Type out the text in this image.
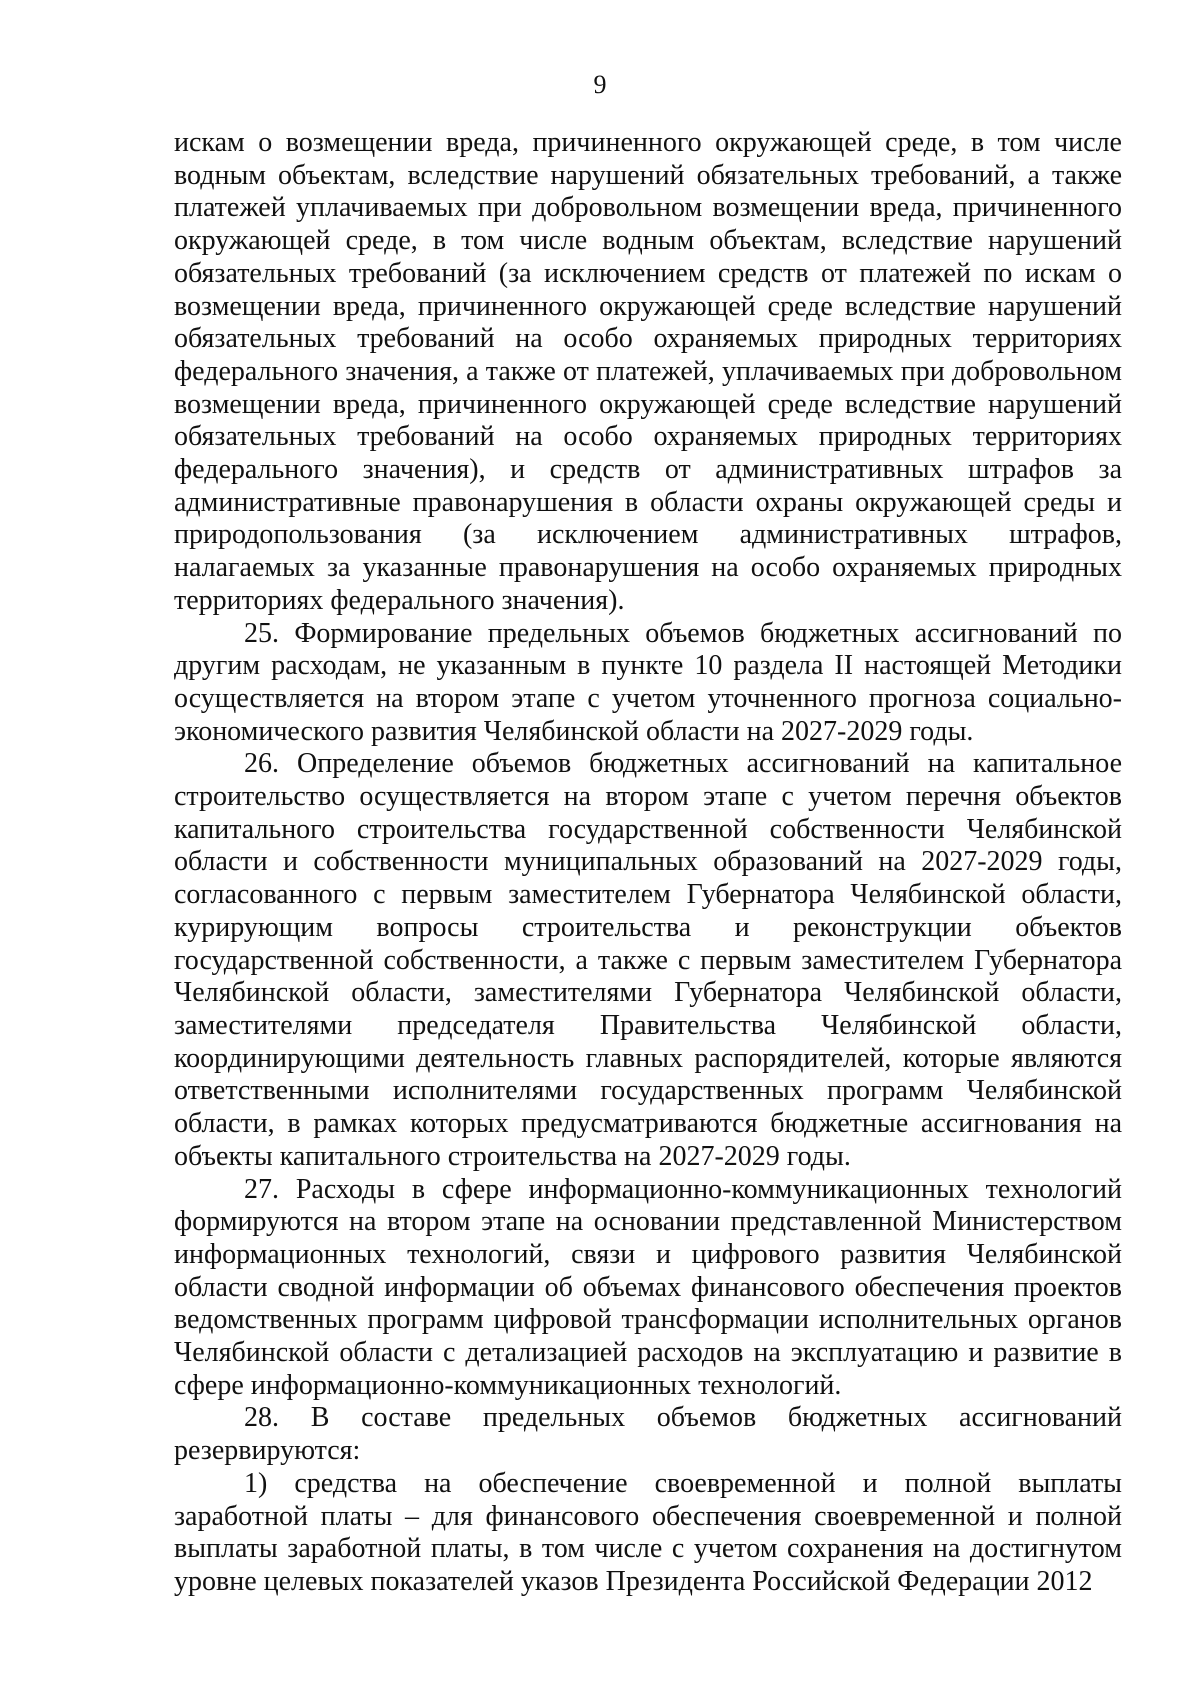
9

искам о возмещении вреда, причиненного окружающей среде, в том числе водным объектам, вследствие нарушений обязательных требований, а также платежей уплачиваемых при добровольном возмещении вреда, причиненного окружающей среде, в том числе водным объектам, вследствие нарушений обязательных требований (за исключением средств от платежей по искам о возмещении вреда, причиненного окружающей среде вследствие нарушений обязательных требований на особо охраняемых природных территориях федерального значения, а также от платежей, уплачиваемых при добровольном возмещении вреда, причиненного окружающей среде вследствие нарушений обязательных требований на особо охраняемых природных территориях федерального значения), и средств от административных штрафов за административные правонарушения в области охраны окружающей среды и природопользования (за исключением административных штрафов, налагаемых за указанные правонарушения на особо охраняемых природных территориях федерального значения).

25. Формирование предельных объемов бюджетных ассигнований по другим расходам, не указанным в пункте 10 раздела II настоящей Методики осуществляется на втором этапе с учетом уточненного прогноза социально-экономического развития Челябинской области на 2027-2029 годы.

26. Определение объемов бюджетных ассигнований на капитальное строительство осуществляется на втором этапе с учетом перечня объектов капитального строительства государственной собственности Челябинской области и собственности муниципальных образований на 2027-2029 годы, согласованного с первым заместителем Губернатора Челябинской области, курирующим вопросы строительства и реконструкции объектов государственной собственности, а также с первым заместителем Губернатора Челябинской области, заместителями Губернатора Челябинской области, заместителями председателя Правительства Челябинской области, координирующими деятельность главных распорядителей, которые являются ответственными исполнителями государственных программ Челябинской области, в рамках которых предусматриваются бюджетные ассигнования на объекты капитального строительства на 2027-2029 годы.

27. Расходы в сфере информационно-коммуникационных технологий формируются на втором этапе на основании представленной Министерством информационных технологий, связи и цифрового развития Челябинской области сводной информации об объемах финансового обеспечения проектов ведомственных программ цифровой трансформации исполнительных органов Челябинской области с детализацией расходов на эксплуатацию и развитие в сфере информационно-коммуникационных технологий.

28. В составе предельных объемов бюджетных ассигнований резервируются:

1) средства на обеспечение своевременной и полной выплаты заработной платы – для финансового обеспечения своевременной и полной выплаты заработной платы, в том числе с учетом сохранения на достигнутом уровне целевых показателей указов Президента Российской Федерации 2012
